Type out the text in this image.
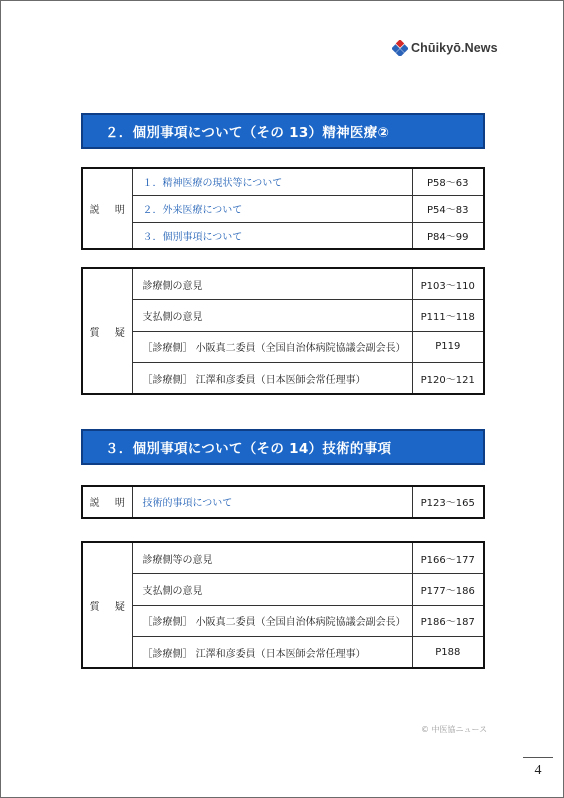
Chūikyō.News
２．個別事項について（その 13）精神医療②
説 明	１．精神医療の現状等について	P58～63
	２．外来医療について	P54～83
	３．個別事項について	P84～99
質 疑	診療側の意見	P103～110
	支払側の意見	P111～118
	［診療側］ 小阪真二委員（全国自治体病院協議会副会長）	P119
	［診療側］ 江澤和彦委員（日本医師会常任理事）	P120～121
３．個別事項について（その 14）技術的事項
説 明	技術的事項について	P123～165
質 疑	診療側等の意見	P166～177
	支払側の意見	P177～186
	［診療側］ 小阪真二委員（全国自治体病院協議会副会長）	P186～187
	［診療側］ 江澤和彦委員（日本医師会常任理事）	P188
© 中医協ニュース
4
